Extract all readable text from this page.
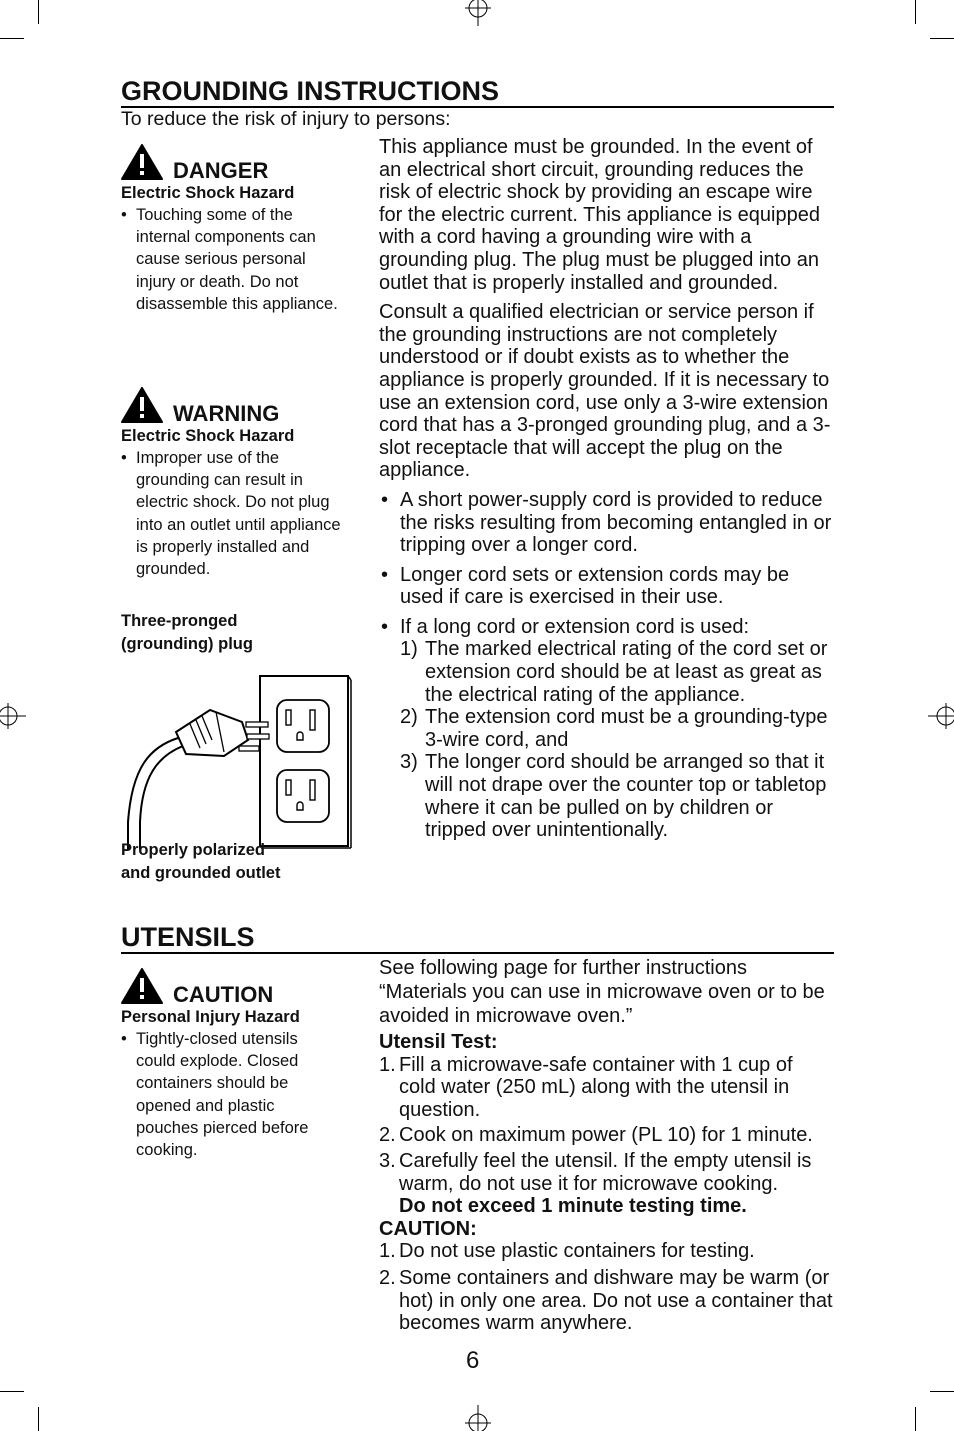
GROUNDING INSTRUCTIONS
To reduce the risk of injury to persons:
DANGER
Electric Shock Hazard
• Touching some of the internal components can cause serious personal injury or death. Do not disassemble this appliance.
WARNING
Electric Shock Hazard
• Improper use of the grounding can result in electric shock. Do not plug into an outlet until appliance is properly installed and grounded.
Three-pronged
(grounding) plug
Properly polarized
and grounded outlet

This appliance must be grounded. In the event of an electrical short circuit, grounding reduces the risk of electric shock by providing an escape wire for the electric current. This appliance is equipped with a cord having a grounding wire with a grounding plug. The plug must be plugged into an outlet that is properly installed and grounded.

Consult a qualified electrician or service person if the grounding instructions are not completely understood or if doubt exists as to whether the appliance is properly grounded. If it is necessary to use an extension cord, use only a 3-wire extension cord that has a 3-pronged grounding plug, and a 3-slot receptacle that will accept the plug on the appliance.

• A short power-supply cord is provided to reduce the risks resulting from becoming entangled in or tripping over a longer cord.

• Longer cord sets or extension cords may be used if care is exercised in their use.

• If a long cord or extension cord is used:

1) The marked electrical rating of the cord set or extension cord should be at least as great as the electrical rating of the appliance.

2) The extension cord must be a grounding-type 3-wire cord, and

3) The longer cord should be arranged so that it will not drape over the counter top or tabletop where it can be pulled on by children or tripped over unintentionally.

UTENSILS
CAUTION
Personal Injury Hazard
• Tightly-closed utensils could explode. Closed containers should be opened and plastic pouches pierced before cooking.

See following page for further instructions “Materials you can use in microwave oven or to be avoided in microwave oven.”

Utensil Test:

1. Fill a microwave-safe container with 1 cup of cold water (250 mL) along with the utensil in question.

2. Cook on maximum power (PL 10) for 1 minute.

3. Carefully feel the utensil. If the empty utensil is warm, do not use it for microwave cooking.
Do not exceed 1 minute testing time.

CAUTION:

1. Do not use plastic containers for testing.

2. Some containers and dishware may be warm (or hot) in only one area. Do not use a container that becomes warm anywhere.

6
